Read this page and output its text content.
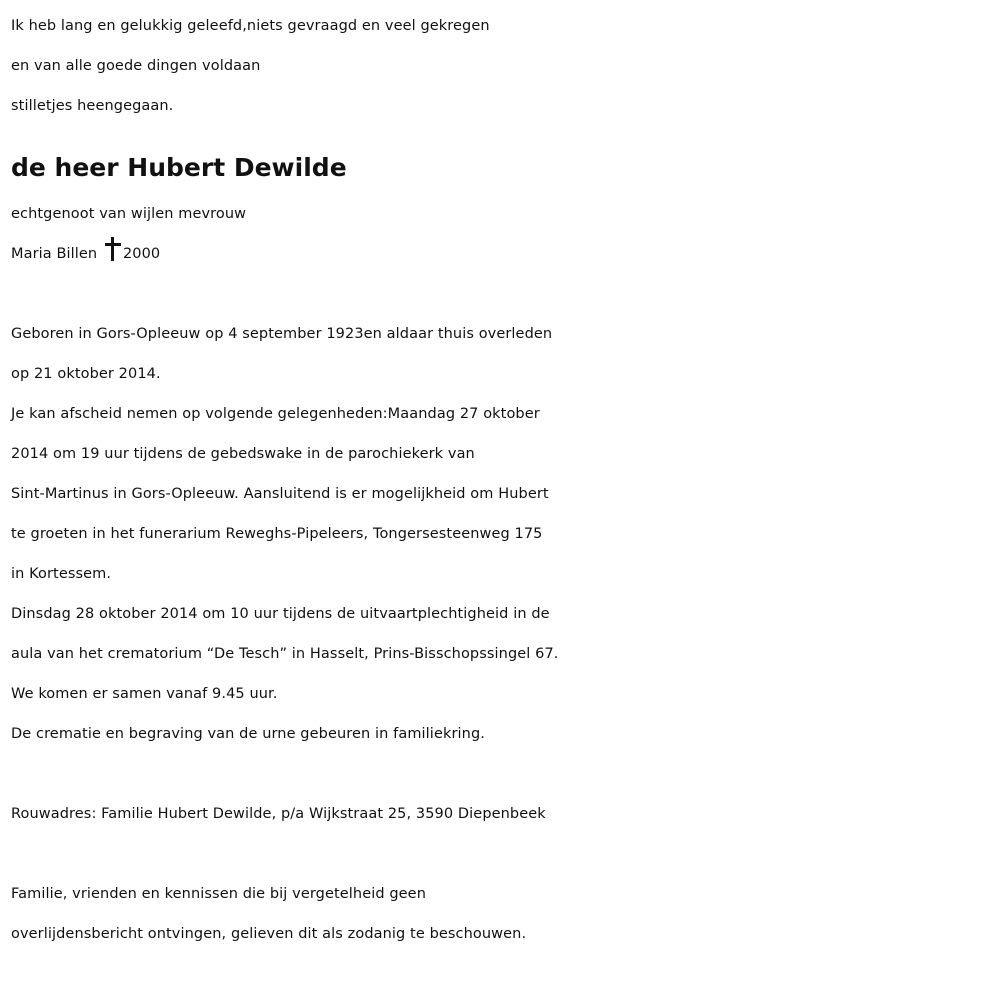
Ik heb lang en gelukkig geleefd,niets gevraagd en veel gekregen
en van alle goede dingen voldaan
stilletjes heengegaan.
de heer Hubert Dewilde
echtgenoot van wijlen mevrouw
Maria Billen 2000
Geboren in Gors-Opleeuw op 4 september 1923en aldaar thuis overleden
op 21 oktober 2014.
Je kan afscheid nemen op volgende gelegenheden:Maandag 27 oktober
2014 om 19 uur tijdens de gebedswake in de parochiekerk van
Sint-Martinus in Gors-Opleeuw. Aansluitend is er mogelijkheid om Hubert
te groeten in het funerarium Reweghs-Pipeleers, Tongersesteenweg 175
in Kortessem.
Dinsdag 28 oktober 2014 om 10 uur tijdens de uitvaartplechtigheid in de
aula van het crematorium “De Tesch” in Hasselt, Prins-Bisschopssingel 67.
We komen er samen vanaf 9.45 uur.
De crematie en begraving van de urne gebeuren in familiekring.
Rouwadres: Familie Hubert Dewilde, p/a Wijkstraat 25, 3590 Diepenbeek
Familie, vrienden en kennissen die bij vergetelheid geen
overlijdensbericht ontvingen, gelieven dit als zodanig te beschouwen.
